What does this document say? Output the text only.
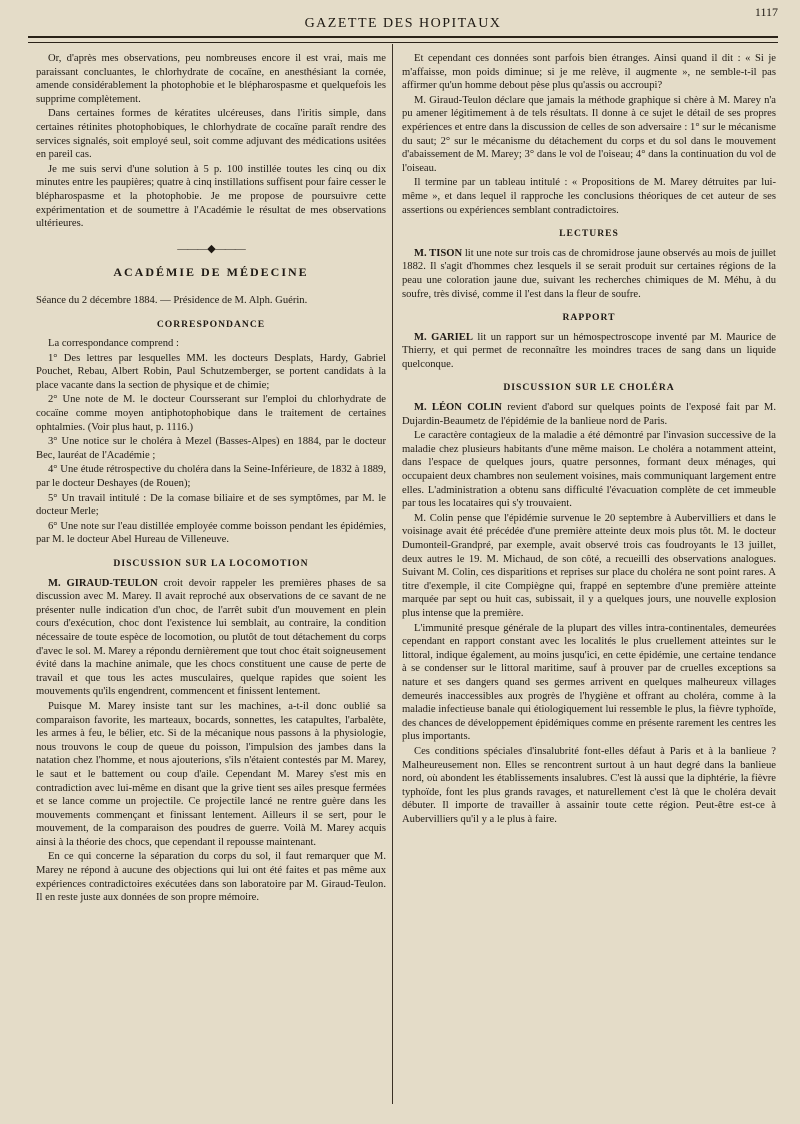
GAZETTE DES HOPITAUX
1117

Or, d'après mes observations, peu nombreuses encore il est vrai, mais me paraissant concluantes, le chlorhydrate de cocaïne, en anesthésiant la cornée, amende considérablement la photophobie et le blépharospasme et quelquefois les supprime complètement.

Dans certaines formes de kératites ulcéreuses, dans l'iritis simple, dans certaines rétinites photophobiques, le chlorhydrate de cocaïne paraît rendre des services signalés, soit employé seul, soit comme adjuvant des médications usitées en pareil cas.

Je me suis servi d'une solution à 5 p. 100 instillée toutes les cinq ou dix minutes entre les paupières; quatre à cinq instillations suffisent pour faire cesser le blépharospasme et la photophobie. Je me propose de poursuivre cette expérimentation et de soumettre à l'Académie le résultat de mes observations ultérieures.

———◆———
ACADÉMIE DE MÉDECINE

Séance du 2 décembre 1884. — Présidence de M. Alph. Guérin.

CORRESPONDANCE

La correspondance comprend :

1° Des lettres par lesquelles MM. les docteurs Desplats, Hardy, Gabriel Pouchet, Rebau, Albert Robin, Paul Schutzemberger, se portent candidats à la place vacante dans la section de physique et de chimie;

2° Une note de M. le docteur Coursserant sur l'emploi du chlorhydrate de cocaïne comme moyen antiphotophobique dans le traitement de certaines ophtalmies. (Voir plus haut, p. 1116.)

3° Une notice sur le choléra à Mezel (Basses-Alpes) en 1884, par le docteur Bec, lauréat de l'Académie ;

4° Une étude rétrospective du choléra dans la Seine-Inférieure, de 1832 à 1889, par le docteur Deshayes (de Rouen);

5° Un travail intitulé : De la comase biliaire et de ses symptômes, par M. le docteur Merle;

6° Une note sur l'eau distillée employée comme boisson pendant les épidémies, par M. le docteur Abel Hureau de Villeneuve.

DISCUSSION SUR LA LOCOMOTION

M. GIRAUD-TEULON croit devoir rappeler les premières phases de sa discussion avec M. Marey. Il avait reproché aux observations de ce savant de ne présenter nulle indication d'un choc, de l'arrêt subit d'un mouvement en plein cours d'exécution, choc dont l'existence lui semblait, au contraire, la condition nécessaire de toute espèce de locomotion, ou plutôt de tout détachement du corps d'avec le sol. M. Marey a répondu dernièrement que tout choc était soigneusement évité dans la machine animale, que les chocs constituent une cause de perte de travail et que tous les actes musculaires, quelque rapides que soient les mouvements qu'ils engendrent, commencent et finissent lentement.

Puisque M. Marey insiste tant sur les machines, a-t-il donc oublié sa comparaison favorite, les marteaux, bocards, sonnettes, les catapultes, l'arbalète, les armes à feu, le bélier, etc. Si de la mécanique nous passons à la physiologie, nous trouvons le coup de queue du poisson, l'impulsion des jambes dans la natation chez l'homme, et nous ajouterions, s'ils n'étaient contestés par M. Marey, le saut et le battement ou coup d'aile. Cependant M. Marey s'est mis en contradiction avec lui-même en disant que la grive tient ses ailes presque fermées et se lance comme un projectile. Ce projectile lancé ne rentre guère dans les mouvements commençant et finissant lentement. Ailleurs il se sert, pour le mouvement, de la comparaison des poudres de guerre. Voilà M. Marey acquis ainsi à la théorie des chocs, que cependant il repousse maintenant.

En ce qui concerne la séparation du corps du sol, il faut remarquer que M. Marey ne répond à aucune des objections qui lui ont été faites et pas même aux expériences contradictoires exécutées dans son laboratoire par M. Giraud-Teulon. Il en reste juste aux données de son propre mémoire.

Et cependant ces données sont parfois bien étranges. Ainsi quand il dit : « Si je m'affaisse, mon poids diminue; si je me relève, il augmente », ne semble-t-il pas affirmer qu'un homme debout pèse plus qu'assis ou accroupi?

M. Giraud-Teulon déclare que jamais la méthode graphique si chère à M. Marey n'a pu amener légitimement à de tels résultats. Il donne à ce sujet le détail de ses propres expériences et entre dans la discussion de celles de son adversaire : 1° sur le mécanisme du saut; 2° sur le mécanisme du détachement du corps et du sol dans le mouvement d'abaissement de M. Marey; 3° dans le vol de l'oiseau; 4° dans la continuation du vol de l'oiseau.

Il termine par un tableau intitulé : « Propositions de M. Marey détruites par lui-même », et dans lequel il rapproche les conclusions théoriques de cet auteur de ses assertions ou expériences semblant contradictoires.

LECTURES

M. TISON lit une note sur trois cas de chromidrose jaune observés au mois de juillet 1882. Il s'agit d'hommes chez lesquels il se serait produit sur certaines régions de la peau une coloration jaune due, suivant les recherches chimiques de M. Méhu, à du soufre, très divisé, comme il l'est dans la fleur de soufre.

RAPPORT

M. GARIEL lit un rapport sur un hémospectroscope inventé par M. Maurice de Thierry, et qui permet de reconnaître les moindres traces de sang dans un liquide quelconque.

DISCUSSION SUR LE CHOLÉRA

M. LÉON COLIN revient d'abord sur quelques points de l'exposé fait par M. Dujardin-Beaumetz de l'épidémie de la banlieue nord de Paris.

Le caractère contagieux de la maladie a été démontré par l'invasion successive de la maladie chez plusieurs habitants d'une même maison. Le choléra a notamment atteint, dans l'espace de quelques jours, quatre personnes, formant deux ménages, qui occupaient deux chambres non seulement voisines, mais communiquant largement entre elles. L'administration a obtenu sans difficulté l'évacuation complète de cet immeuble par tous les locataires qui s'y trouvaient.

M. Colin pense que l'épidémie survenue le 20 septembre à Aubervilliers et dans le voisinage avait été précédée d'une première atteinte deux mois plus tôt. M. le docteur Dumonteil-Grandpré, par exemple, avait observé trois cas foudroyants le 13 juillet, deux autres le 19. M. Michaud, de son côté, a recueilli des observations analogues. Suivant M. Colin, ces disparitions et reprises sur place du choléra ne sont point rares. A titre d'exemple, il cite Compiègne qui, frappé en septembre d'une première atteinte marquée par sept ou huit cas, subissait, il y a quelques jours, une nouvelle explosion plus intense que la première.

L'immunité presque générale de la plupart des villes intra-continentales, demeurées cependant en rapport constant avec les localités le plus cruellement atteintes sur le littoral, indique également, au moins jusqu'ici, en cette épidémie, une certaine tendance à se condenser sur le littoral maritime, sauf à prouver par de cruelles exceptions sa nature et ses dangers quand ses germes arrivent en quelques malheureux villages demeurés inaccessibles aux progrès de l'hygiène et offrant au choléra, comme à la maladie infectieuse banale qui étiologiquement lui ressemble le plus, la fièvre typhoïde, des chances de développement épidémiques comme en présente rarement les centres les plus importants.

Ces conditions spéciales d'insalubrité font-elles défaut à Paris et à la banlieue ? Malheureusement non. Elles se rencontrent surtout à un haut degré dans la banlieue nord, où abondent les établissements insalubres. C'est là aussi que la diphtérie, la fièvre typhoïde, font les plus grands ravages, et naturellement c'est là que le choléra devait débuter. Il importe de travailler à assainir toute cette région. Peut-être est-ce à Aubervilliers qu'il y a le plus à faire.
